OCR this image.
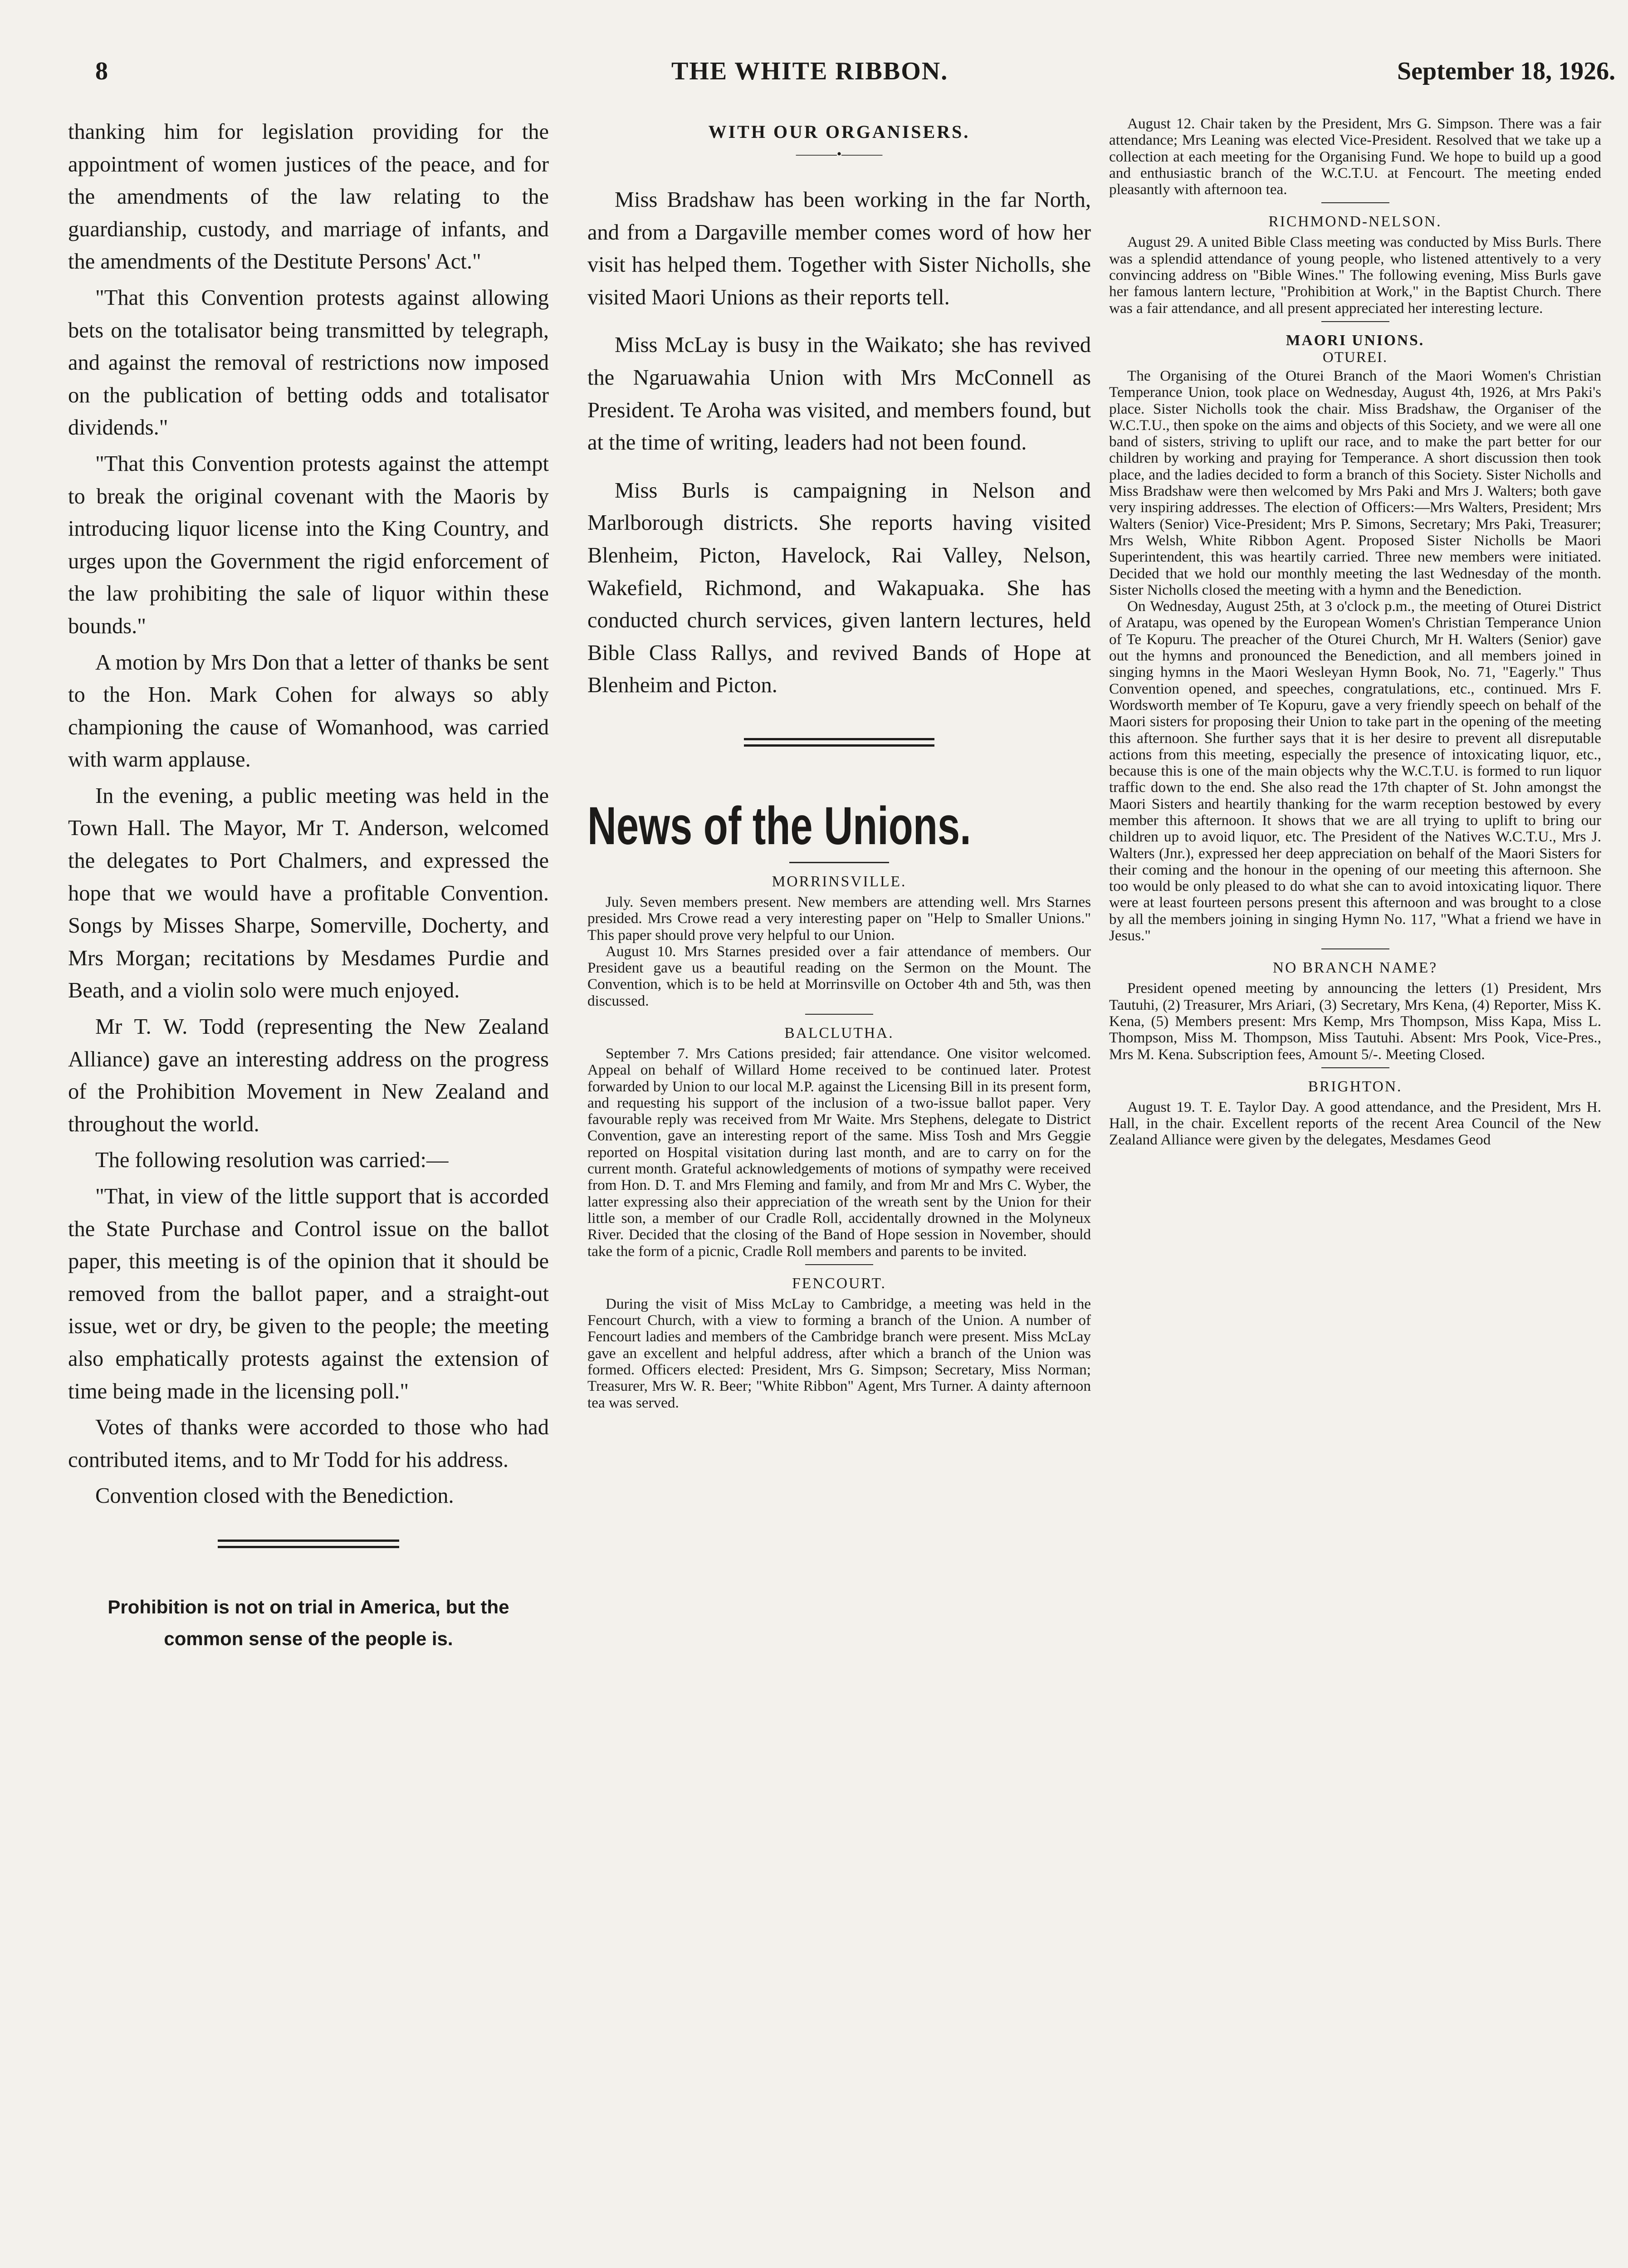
8	THE WHITE RIBBON.	September 18, 1926.

thanking him for legislation providing for the appointment of women justices of the peace, and for the amendments of the law relating to the guardianship, custody, and marriage of infants, and the amendments of the Destitute Persons' Act."

"That this Convention protests against allowing bets on the totalisator being transmitted by telegraph, and against the removal of restrictions now imposed on the publication of betting odds and totalisator dividends."

"That this Convention protests against the attempt to break the original covenant with the Maoris by introducing liquor license into the King Country, and urges upon the Government the rigid enforcement of the law prohibiting the sale of liquor within these bounds."

A motion by Mrs Don that a letter of thanks be sent to the Hon. Mark Cohen for always so ably championing the cause of Womanhood, was carried with warm applause.

In the evening, a public meeting was held in the Town Hall. The Mayor, Mr T. Anderson, welcomed the delegates to Port Chalmers, and expressed the hope that we would have a profitable Convention. Songs by Misses Sharpe, Somerville, Docherty, and Mrs Morgan; recitations by Mesdames Purdie and Beath, and a violin solo were much enjoyed.

Mr T. W. Todd (representing the New Zealand Alliance) gave an interesting address on the progress of the Prohibition Movement in New Zealand and throughout the world.

The following resolution was carried:—

"That, in view of the little support that is accorded the State Purchase and Control issue on the ballot paper, this meeting is of the opinion that it should be removed from the ballot paper, and a straight-out issue, wet or dry, be given to the people; the meeting also emphatically protests against the extension of time being made in the licensing poll."

Votes of thanks were accorded to those who had contributed items, and to Mr Todd for his address.

Convention closed with the Benediction.

Prohibition is not on trial in America, but the common sense of the people is.

WITH OUR ORGANISERS.
———•———

Miss Bradshaw has been working in the far North, and from a Dargaville member comes word of how her visit has helped them. Together with Sister Nicholls, she visited Maori Unions as their reports tell.

Miss McLay is busy in the Waikato; she has revived the Ngaruawahia Union with Mrs McConnell as President. Te Aroha was visited, and members found, but at the time of writing, leaders had not been found.

Miss Burls is campaigning in Nelson and Marlborough districts. She reports having visited Blenheim, Picton, Havelock, Rai Valley, Nelson, Wakefield, Richmond, and Wakapuaka. She has conducted church services, given lantern lectures, held Bible Class Rallys, and revived Bands of Hope at Blenheim and Picton.

News of the Unions.
MORRINSVILLE.

July. Seven members present. New members are attending well. Mrs Starnes presided. Mrs Crowe read a very interesting paper on "Help to Smaller Unions." This paper should prove very helpful to our Union.

August 10. Mrs Starnes presided over a fair attendance of members. Our President gave us a beautiful reading on the Sermon on the Mount. The Convention, which is to be held at Morrinsville on October 4th and 5th, was then discussed.

BALCLUTHA.

September 7. Mrs Cations presided; fair attendance. One visitor welcomed. Appeal on behalf of Willard Home received to be continued later. Protest forwarded by Union to our local M.P. against the Licensing Bill in its present form, and requesting his support of the inclusion of a two-issue ballot paper. Very favourable reply was received from Mr Waite. Mrs Stephens, delegate to District Convention, gave an interesting report of the same. Miss Tosh and Mrs Geggie reported on Hospital visitation during last month, and are to carry on for the current month. Grateful acknowledgements of motions of sympathy were received from Hon. D. T. and Mrs Fleming and family, and from Mr and Mrs C. Wyber, the latter expressing also their appreciation of the wreath sent by the Union for their little son, a member of our Cradle Roll, accidentally drowned in the Molyneux River. Decided that the closing of the Band of Hope session in November, should take the form of a picnic, Cradle Roll members and parents to be invited.

FENCOURT.

During the visit of Miss McLay to Cambridge, a meeting was held in the Fencourt Church, with a view to forming a branch of the Union. A number of Fencourt ladies and members of the Cambridge branch were present. Miss McLay gave an excellent and helpful address, after which a branch of the Union was formed. Officers elected: President, Mrs G. Simpson; Secretary, Miss Norman; Treasurer, Mrs W. R. Beer; "White Ribbon" Agent, Mrs Turner. A dainty afternoon tea was served.

August 12. Chair taken by the President, Mrs G. Simpson. There was a fair attendance; Mrs Leaning was elected Vice-President. Resolved that we take up a collection at each meeting for the Organising Fund. We hope to build up a good and enthusiastic branch of the W.C.T.U. at Fencourt. The meeting ended pleasantly with afternoon tea.

RICHMOND-NELSON.

August 29. A united Bible Class meeting was conducted by Miss Burls. There was a splendid attendance of young people, who listened attentively to a very convincing address on "Bible Wines." The following evening, Miss Burls gave her famous lantern lecture, "Prohibition at Work," in the Baptist Church. There was a fair attendance, and all present appreciated her interesting lecture.

MAORI UNIONS.
OTUREI.

The Organising of the Oturei Branch of the Maori Women's Christian Temperance Union, took place on Wednesday, August 4th, 1926, at Mrs Paki's place. Sister Nicholls took the chair. Miss Bradshaw, the Organiser of the W.C.T.U., then spoke on the aims and objects of this Society, and we were all one band of sisters, striving to uplift our race, and to make the part better for our children by working and praying for Temperance. A short discussion then took place, and the ladies decided to form a branch of this Society. Sister Nicholls and Miss Bradshaw were then welcomed by Mrs Paki and Mrs J. Walters; both gave very inspiring addresses. The election of Officers:—Mrs Walters, President; Mrs Walters (Senior) Vice-President; Mrs P. Simons, Secretary; Mrs Paki, Treasurer; Mrs Welsh, White Ribbon Agent. Proposed Sister Nicholls be Maori Superintendent, this was heartily carried. Three new members were initiated. Decided that we hold our monthly meeting the last Wednesday of the month. Sister Nicholls closed the meeting with a hymn and the Benediction.

On Wednesday, August 25th, at 3 o'clock p.m., the meeting of Oturei District of Aratapu, was opened by the European Women's Christian Temperance Union of Te Kopuru. The preacher of the Oturei Church, Mr H. Walters (Senior) gave out the hymns and pronounced the Benediction, and all members joined in singing hymns in the Maori Wesleyan Hymn Book, No. 71, "Eagerly." Thus Convention opened, and speeches, congratulations, etc., continued. Mrs F. Wordsworth member of Te Kopuru, gave a very friendly speech on behalf of the Maori sisters for proposing their Union to take part in the opening of the meeting this afternoon. She further says that it is her desire to prevent all disreputable actions from this meeting, especially the presence of intoxicating liquor, etc., because this is one of the main objects why the W.C.T.U. is formed to run liquor traffic down to the end. She also read the 17th chapter of St. John amongst the Maori Sisters and heartily thanking for the warm reception bestowed by every member this afternoon. It shows that we are all trying to uplift to bring our children up to avoid liquor, etc. The President of the Natives W.C.T.U., Mrs J. Walters (Jnr.), expressed her deep appreciation on behalf of the Maori Sisters for their coming and the honour in the opening of our meeting this afternoon. She too would be only pleased to do what she can to avoid intoxicating liquor. There were at least fourteen persons present this afternoon and was brought to a close by all the members joining in singing Hymn No. 117, "What a friend we have in Jesus."

NO BRANCH NAME?

President opened meeting by announcing the letters (1) President, Mrs Tautuhi, (2) Treasurer, Mrs Ariari, (3) Secretary, Mrs Kena, (4) Reporter, Miss K. Kena, (5) Members present: Mrs Kemp, Mrs Thompson, Miss Kapa, Miss L. Thompson, Miss M. Thompson, Miss Tautuhi. Absent: Mrs Pook, Vice-Pres., Mrs M. Kena. Subscription fees, Amount 5/-. Meeting Closed.

BRIGHTON.

August 19. T. E. Taylor Day. A good attendance, and the President, Mrs H. Hall, in the chair. Excellent reports of the recent Area Council of the New Zealand Alliance were given by the delegates, Mesdames Geod
